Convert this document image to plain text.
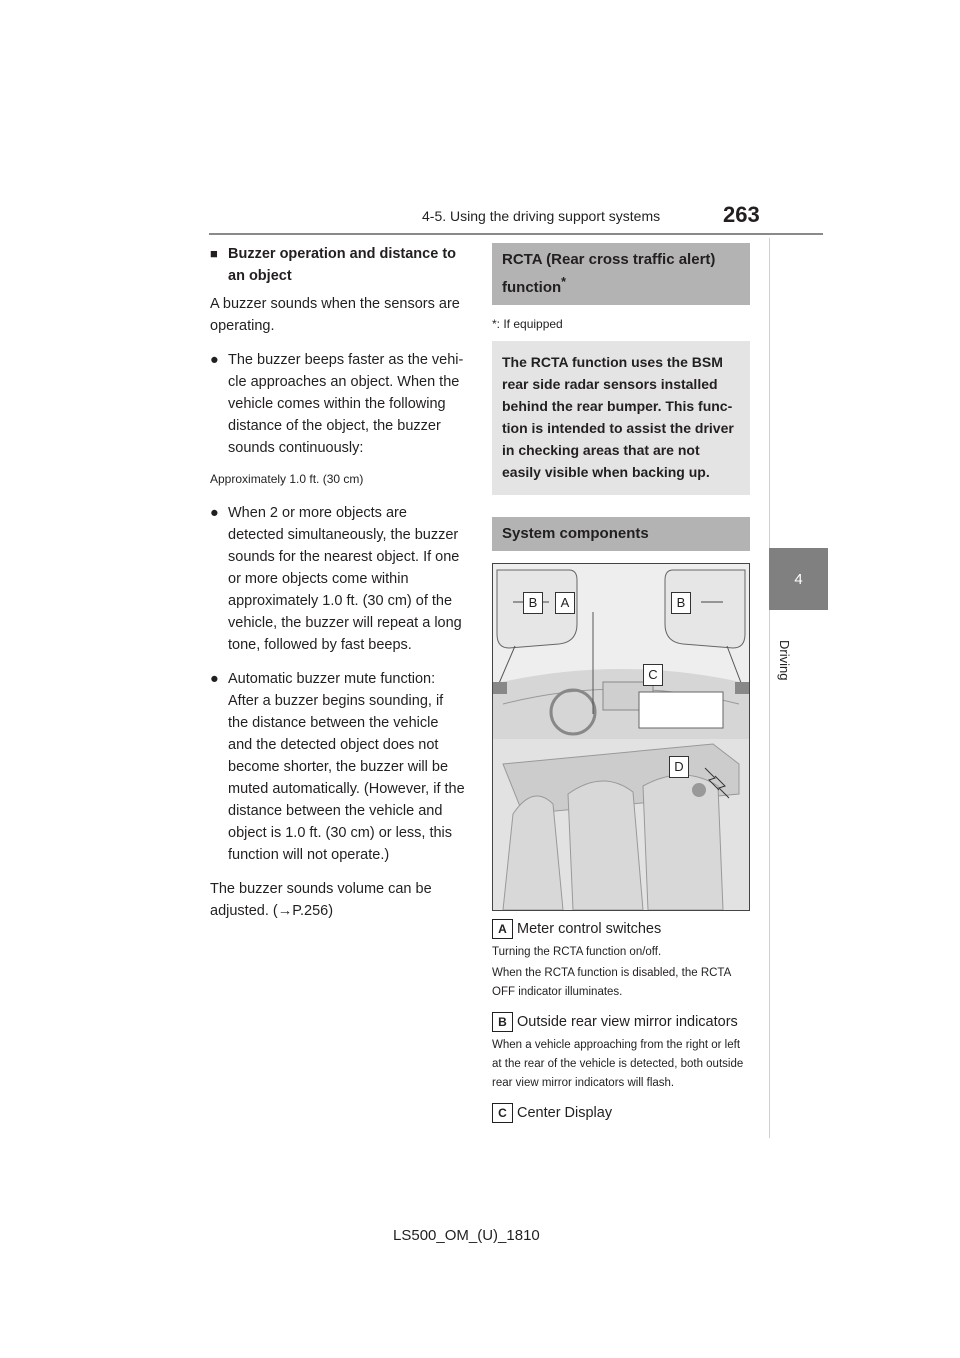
4-5. Using the driving support systems	263
4
Driving
■ Buzzer operation and distance to an object

A buzzer sounds when the sensors are operating.

● The buzzer beeps faster as the vehi-cle approaches an object. When the vehicle comes within the following distance of the object, the buzzer sounds continuously:

Approximately 1.0 ft. (30 cm)

● When 2 or more objects are detected simultaneously, the buzzer sounds for the nearest object. If one or more objects come within approximately 1.0 ft. (30 cm) of the vehicle, the buzzer will repeat a long tone, followed by fast beeps.
● Automatic buzzer mute function: After a buzzer begins sounding, if the distance between the vehicle and the detected object does not become shorter, the buzzer will be muted automatically. (However, if the distance between the vehicle and object is 1.0 ft. (30 cm) or less, this function will not operate.)

The buzzer sounds volume can be adjusted. (→P.256)

RCTA (Rear cross traffic alert) function*

*: If equipped

The RCTA function uses the BSM rear side radar sensors installed behind the rear bumper. This func-tion is intended to assist the driver in checking areas that are not easily visible when backing up.
System components
B	A	B
C
D
A Meter control switches

Turning the RCTA function on/off.

When the RCTA function is disabled, the RCTA OFF indicator illuminates.

B Outside rear view mirror indicators

When a vehicle approaching from the right or left at the rear of the vehicle is detected, both outside rear view mirror indicators will flash.

C Center Display
LS500_OM_(U)_1810
